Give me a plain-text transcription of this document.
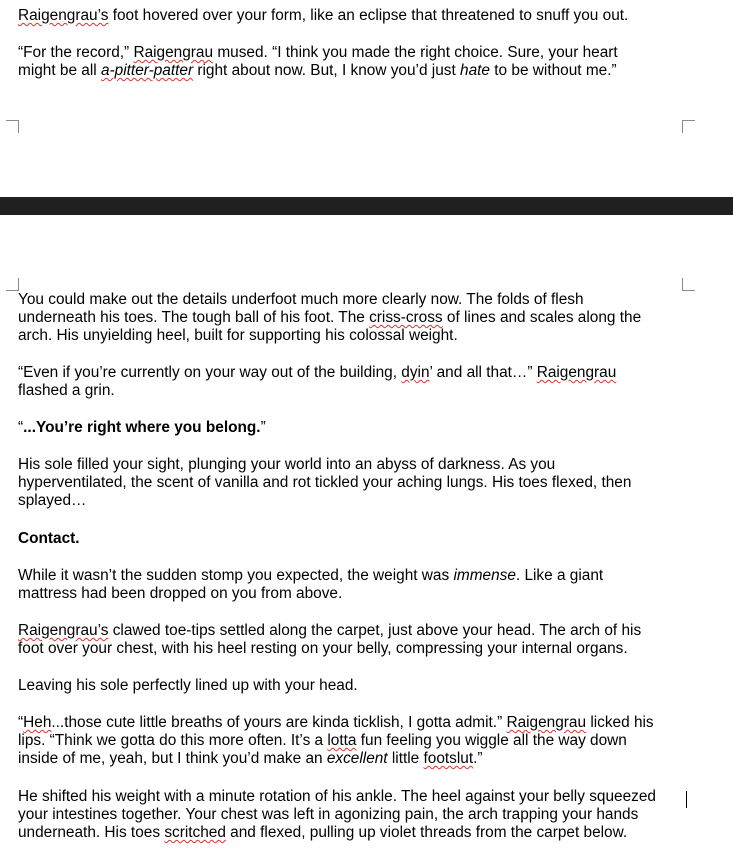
Raigengrau’s foot hovered over your form, like an eclipse that threatened to snuff you out.
“For the record,” Raigengrau mused. “I think you made the right choice. Sure, your heart
might be all a-pitter-patter right about now. But, I know you’d just hate to be without me.”
You could make out the details underfoot much more clearly now. The folds of flesh
underneath his toes. The tough ball of his foot. The criss-cross of lines and scales along the
arch. His unyielding heel, built for supporting his colossal weight.
“Even if you’re currently on your way out of the building, dyin’ and all that…” Raigengrau
flashed a grin.
“...You’re right where you belong.”
His sole filled your sight, plunging your world into an abyss of darkness. As you
hyperventilated, the scent of vanilla and rot tickled your aching lungs. His toes flexed, then
splayed…
Contact.
While it wasn’t the sudden stomp you expected, the weight was immense. Like a giant
mattress had been dropped on you from above.
Raigengrau’s clawed toe-tips settled along the carpet, just above your head. The arch of his
foot over your chest, with his heel resting on your belly, compressing your internal organs.
Leaving his sole perfectly lined up with your head.
“Heh...those cute little breaths of yours are kinda ticklish, I gotta admit.” Raigengrau licked his
lips. “Think we gotta do this more often. It’s a lotta fun feeling you wiggle all the way down
inside of me, yeah, but I think you’d make an excellent little footslut.”
He shifted his weight with a minute rotation of his ankle. The heel against your belly squeezed
your intestines together. Your chest was left in agonizing pain, the arch trapping your hands
underneath. His toes scritched and flexed, pulling up violet threads from the carpet below.
